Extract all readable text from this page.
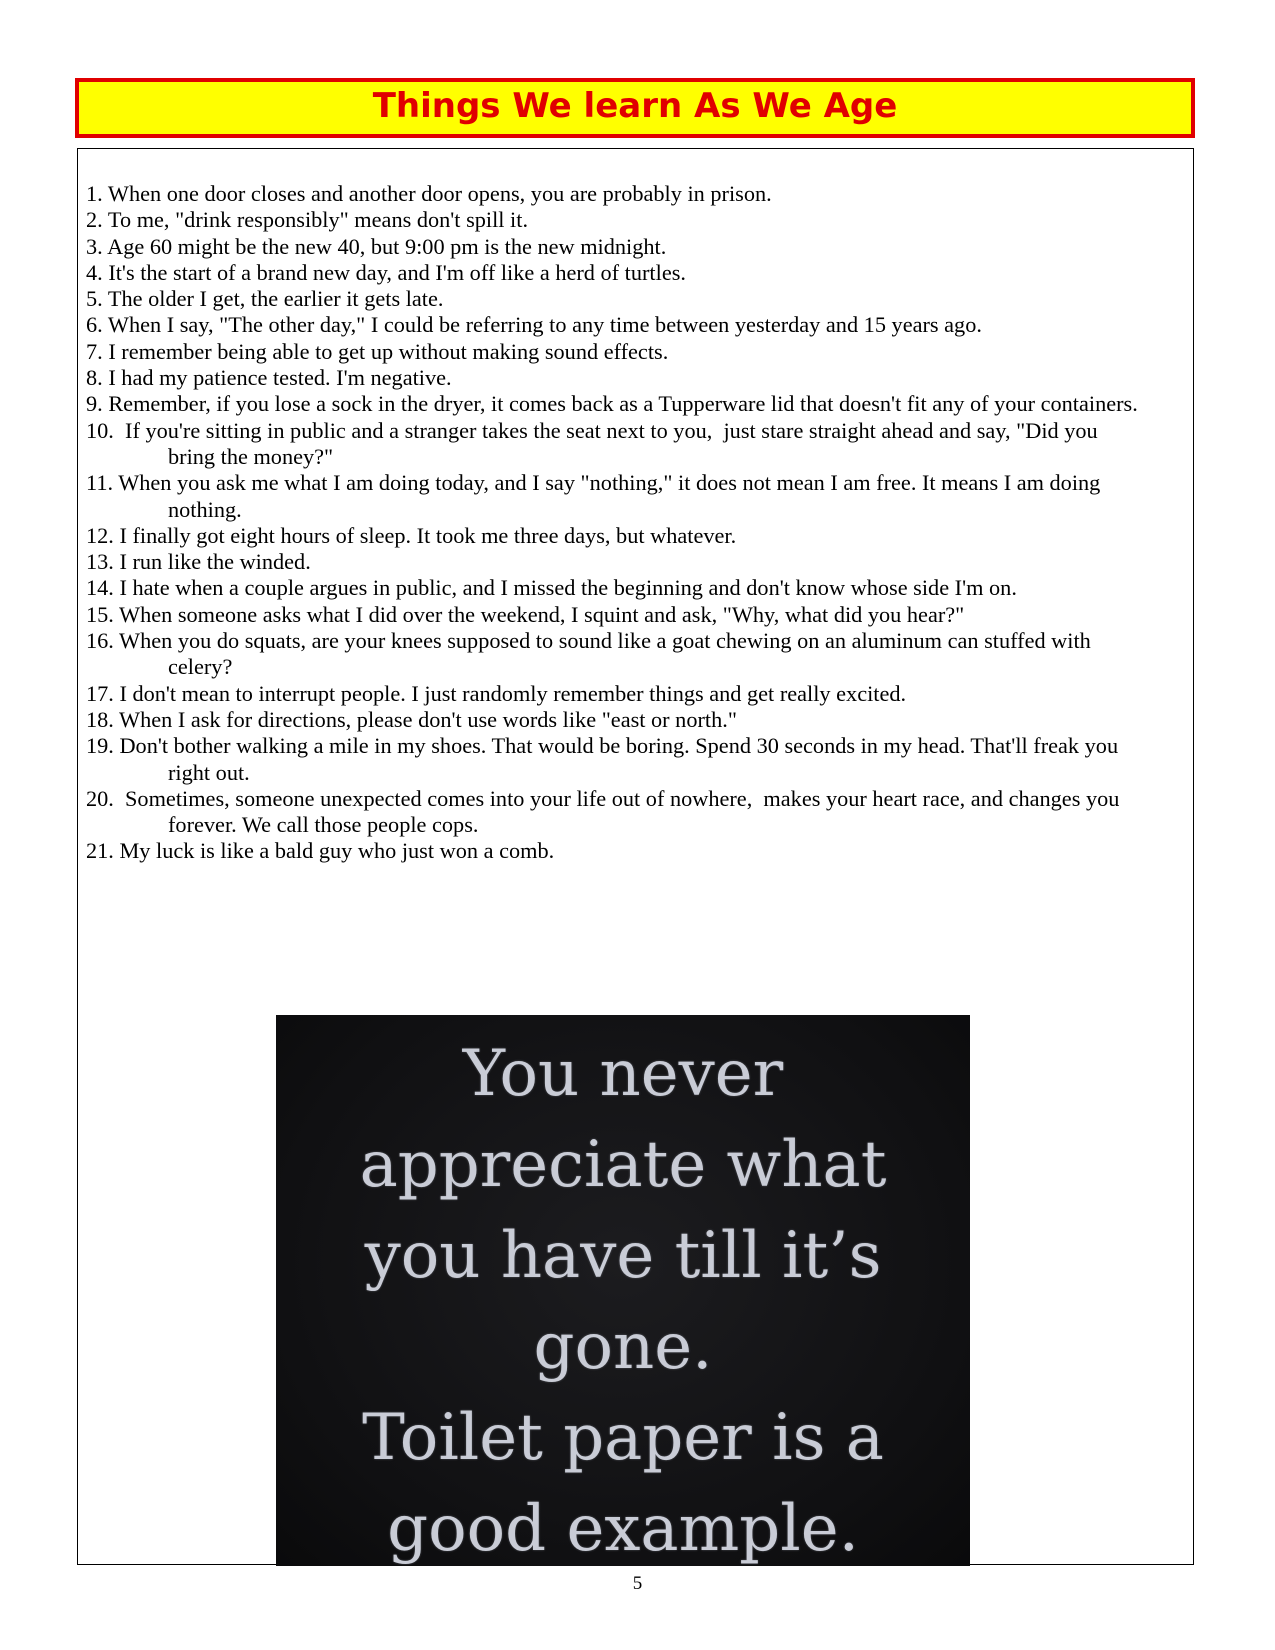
Things We learn As We Age
1. When one door closes and another door opens, you are probably in prison.
2. To me, "drink responsibly" means don't spill it.
3. Age 60 might be the new 40, but 9:00 pm is the new midnight.
4. It's the start of a brand new day, and I'm off like a herd of turtles.
5. The older I get, the earlier it gets late.
6. When I say, "The other day," I could be referring to any time between yesterday and 15 years ago.
7. I remember being able to get up without making sound effects.
8. I had my patience tested. I'm negative.
9. Remember, if you lose a sock in the dryer, it comes back as a Tupperware lid that doesn't fit any of your containers.
10.  If you're sitting in public and a stranger takes the seat next to you,  just stare straight ahead and say, "Did you bring the money?"
11. When you ask me what I am doing today, and I say "nothing," it does not mean I am free. It means I am doing nothing.
12. I finally got eight hours of sleep. It took me three days, but whatever.
13. I run like the winded.
14. I hate when a couple argues in public, and I missed the beginning and don't know whose side I'm on.
15. When someone asks what I did over the weekend, I squint and ask, "Why, what did you hear?"
16. When you do squats, are your knees supposed to sound like a goat chewing on an aluminum can stuffed with celery?
17. I don't mean to interrupt people. I just randomly remember things and get really excited.
18. When I ask for directions, please don't use words like "east or north."
19. Don't bother walking a mile in my shoes. That would be boring. Spend 30 seconds in my head. That'll freak you right out.
20.  Sometimes, someone unexpected comes into your life out of nowhere,  makes your heart race, and changes you forever. We call those people cops.
21. My luck is like a bald guy who just won a comb.
You never
appreciate what
you have till it’s
gone.
Toilet paper is a
good example.
5
